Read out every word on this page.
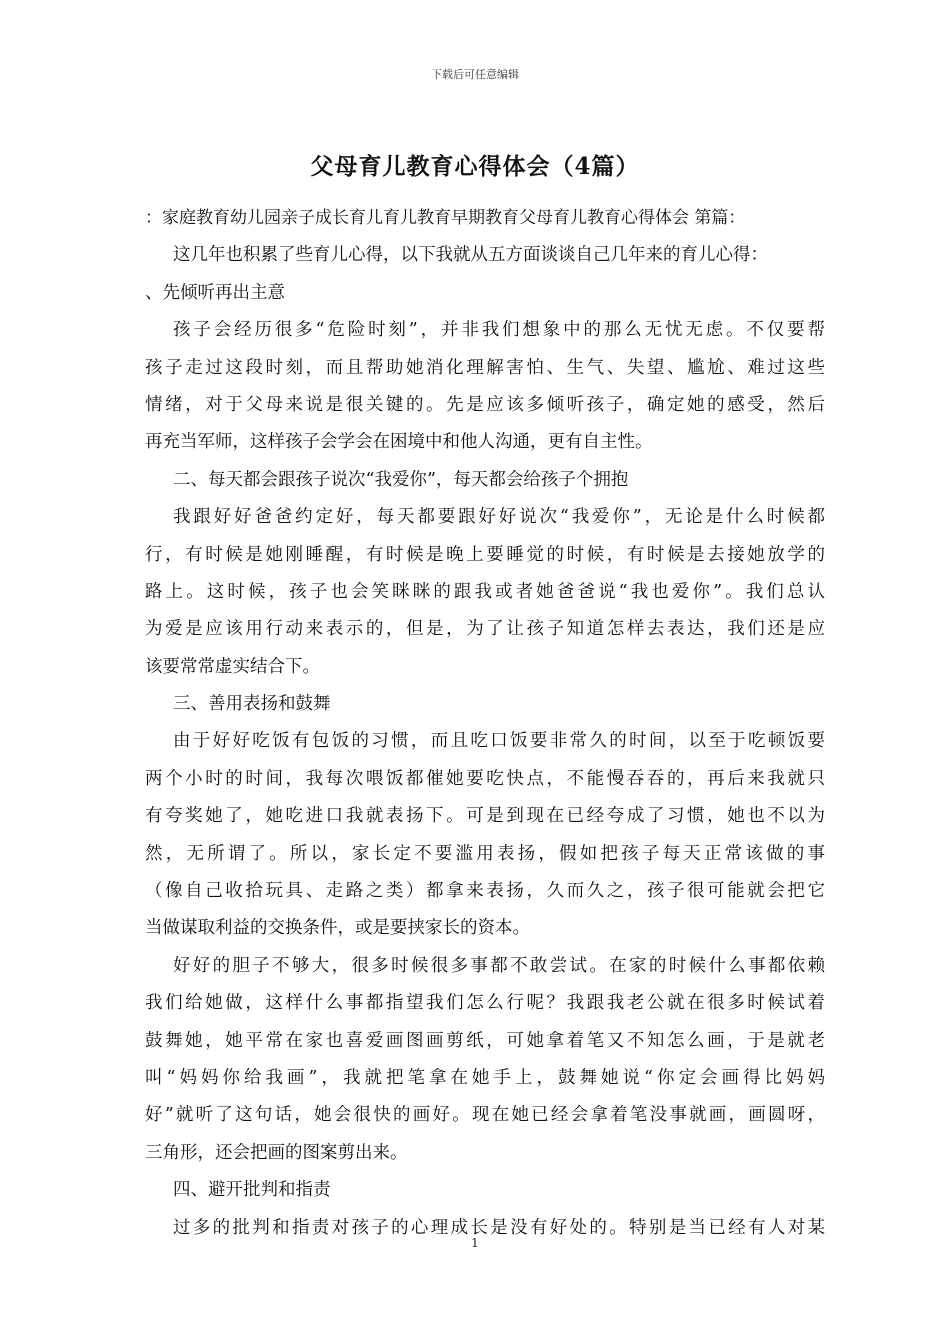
下载后可任意编辑
父母育儿教育心得体会（4篇）
：家庭教育幼儿园亲子成长育儿育儿教育早期教育父母育儿教育心得体会 第篇：
这几年也积累了些育儿心得，以下我就从五方面谈谈自己几年来的育儿心得：
、先倾听再出主意
孩子会经历很多“危险时刻”，并非我们想象中的那么无忧无虑。不仅要帮
孩子走过这段时刻，而且帮助她消化理解害怕、生气、失望、尴尬、难过这些
情绪，对于父母来说是很关键的。先是应该多倾听孩子，确定她的感受，然后
再充当军师，这样孩子会学会在困境中和他人沟通，更有自主性。
二、每天都会跟孩子说次“我爱你”，每天都会给孩子个拥抱
我跟好好爸爸约定好，每天都要跟好好说次“我爱你”，无论是什么时候都
行，有时候是她刚睡醒，有时候是晚上要睡觉的时候，有时候是去接她放学的
路上。这时候，孩子也会笑眯眯的跟我或者她爸爸说“我也爱你”。我们总认
为爱是应该用行动来表示的，但是，为了让孩子知道怎样去表达，我们还是应
该要常常虚实结合下。
三、善用表扬和鼓舞
由于好好吃饭有包饭的习惯，而且吃口饭要非常久的时间，以至于吃顿饭要
两个小时的时间，我每次喂饭都催她要吃快点，不能慢吞吞的，再后来我就只
有夸奖她了，她吃进口我就表扬下。可是到现在已经夸成了习惯，她也不以为
然，无所谓了。所以，家长定不要滥用表扬，假如把孩子每天正常该做的事
（像自己收拾玩具、走路之类）都拿来表扬，久而久之，孩子很可能就会把它
当做谋取利益的交换条件，或是要挟家长的资本。
好好的胆子不够大，很多时候很多事都不敢尝试。在家的时候什么事都依赖
我们给她做，这样什么事都指望我们怎么行呢？我跟我老公就在很多时候试着
鼓舞她，她平常在家也喜爱画图画剪纸，可她拿着笔又不知怎么画，于是就老
叫“妈妈你给我画”，我就把笔拿在她手上，鼓舞她说“你定会画得比妈妈
好”就听了这句话，她会很快的画好。现在她已经会拿着笔没事就画，画圆呀，
三角形，还会把画的图案剪出来。
四、避开批判和指责
过多的批判和指责对孩子的心理成长是没有好处的。特别是当已经有人对某
1
